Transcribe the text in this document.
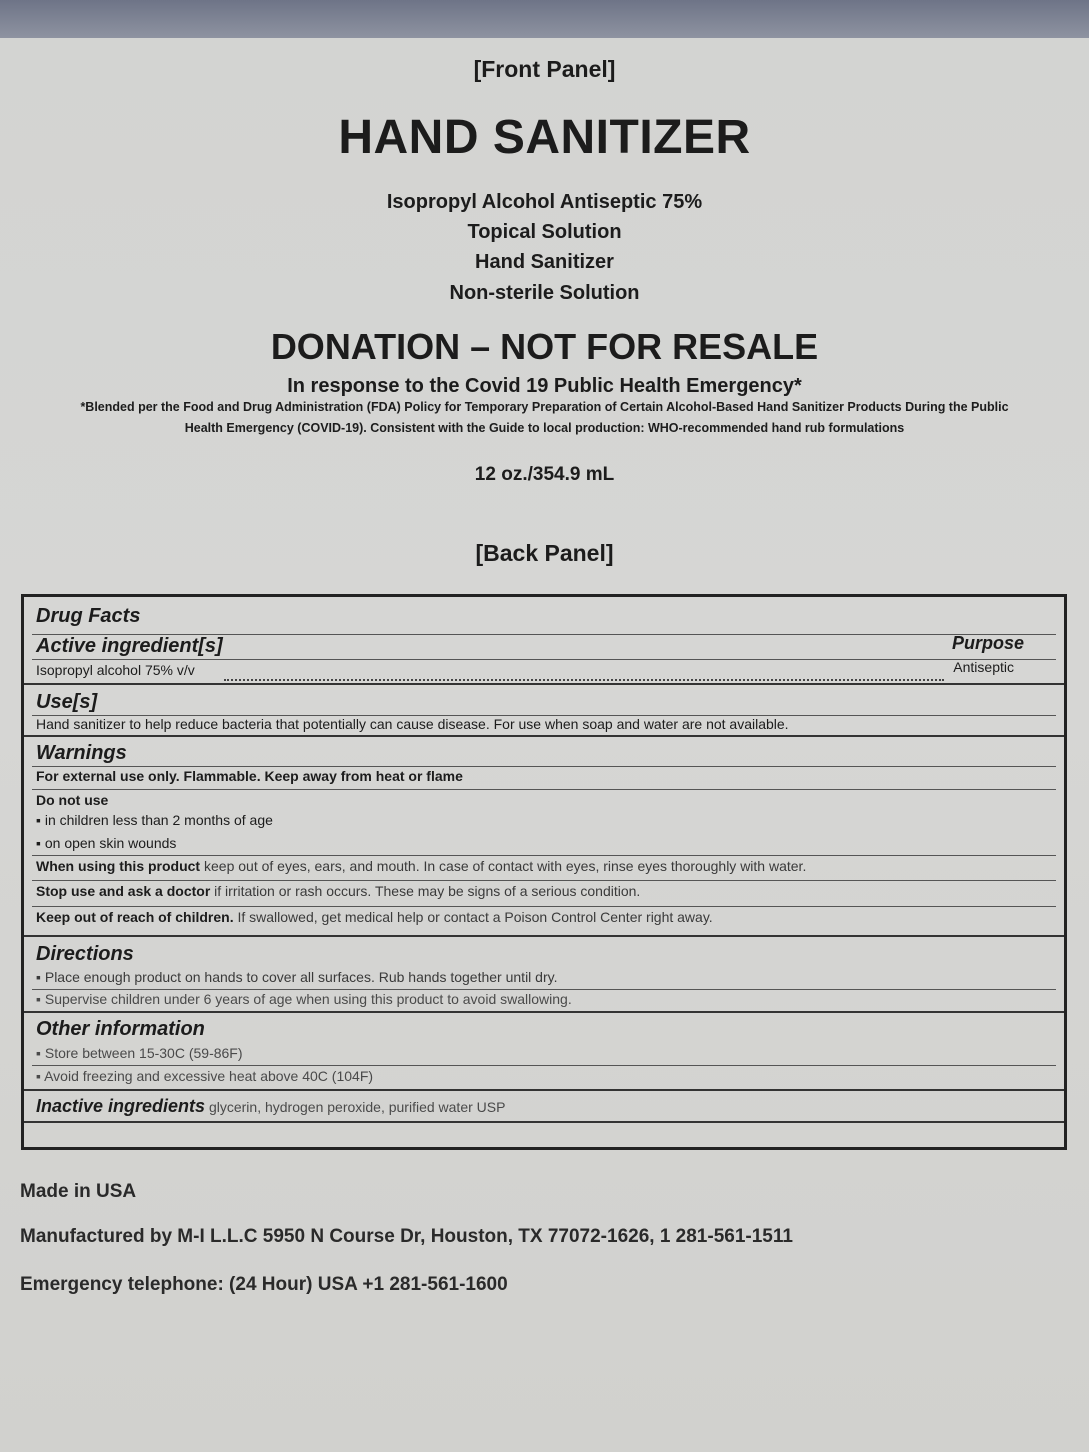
[Front Panel]
HAND SANITIZER
Isopropyl Alcohol Antiseptic 75%
Topical Solution
Hand Sanitizer
Non-sterile Solution
DONATION – NOT FOR RESALE
In response to the Covid 19 Public Health Emergency*
*Blended per the Food and Drug Administration (FDA) Policy for Temporary Preparation of Certain Alcohol-Based Hand Sanitizer Products During the Public
Health Emergency (COVID-19). Consistent with the Guide to local production: WHO-recommended hand rub formulations
12 oz./354.9 mL
[Back Panel]
Drug Facts
Active ingredient[s]	Purpose
Isopropyl alcohol 75% v/v	Antiseptic
Use[s]
Hand sanitizer to help reduce bacteria that potentially can cause disease. For use when soap and water are not available.
Warnings
For external use only. Flammable. Keep away from heat or flame
Do not use
▪ in children less than 2 months of age
▪ on open skin wounds
When using this product keep out of eyes, ears, and mouth. In case of contact with eyes, rinse eyes thoroughly with water.
Stop use and ask a doctor if irritation or rash occurs. These may be signs of a serious condition.
Keep out of reach of children. If swallowed, get medical help or contact a Poison Control Center right away.
Directions
▪ Place enough product on hands to cover all surfaces. Rub hands together until dry.
▪ Supervise children under 6 years of age when using this product to avoid swallowing.
Other information
▪ Store between 15-30C (59-86F)
▪ Avoid freezing and excessive heat above 40C (104F)
Inactive ingredients glycerin, hydrogen peroxide, purified water USP
Made in USA
Manufactured by M-I L.L.C 5950 N Course Dr, Houston, TX 77072-1626, 1 281-561-1511
Emergency telephone: (24 Hour) USA +1 281-561-1600
